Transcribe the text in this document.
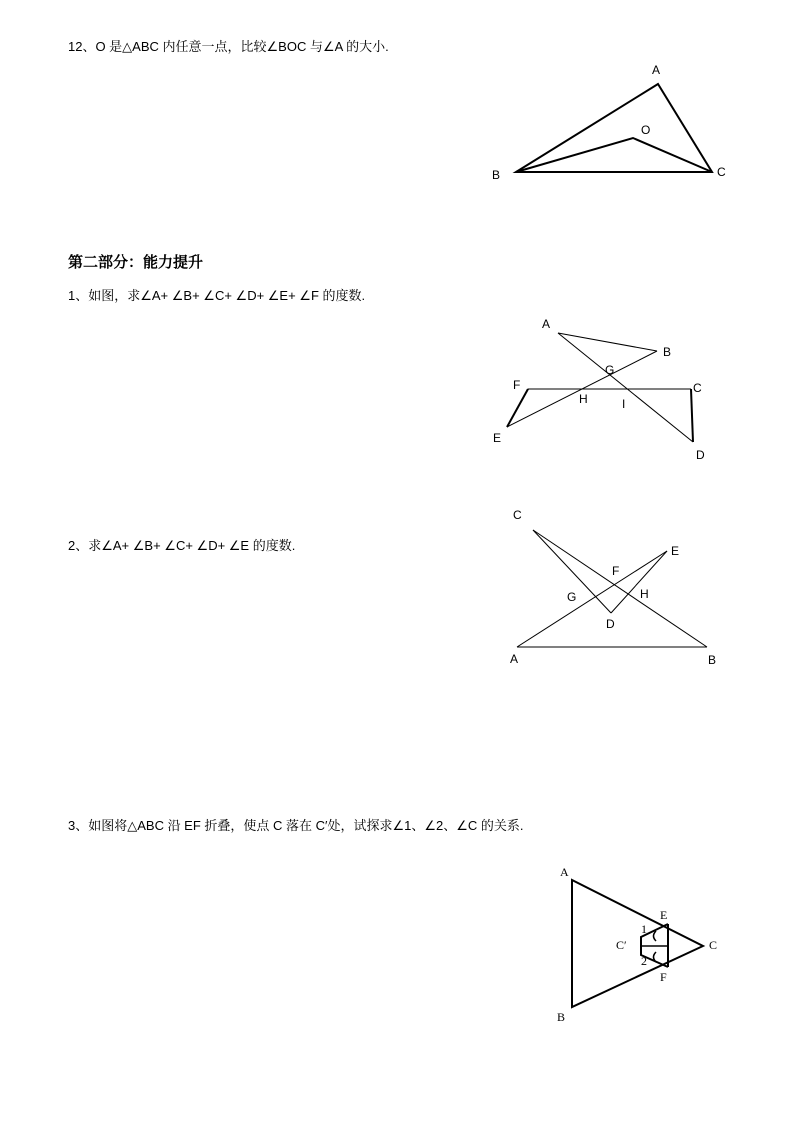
12、O 是△ABC 内任意一点，比较∠BOC 与∠A 的大小.
A
O
B	C
第二部分：能力提升
1、如图，求∠A+ ∠B+ ∠C+ ∠D+ ∠E+ ∠F 的度数.
A
B
G
F	C
H	I
E
D
2、求∠A+ ∠B+ ∠C+ ∠D+ ∠E 的度数.
C
E
F
G	H
D
A	B
3、如图将△ABC 沿 EF 折叠，使点 C 落在 C′处，试探求∠1、∠2、∠C 的关系.
A
E
1
C′	C
2
F
B
